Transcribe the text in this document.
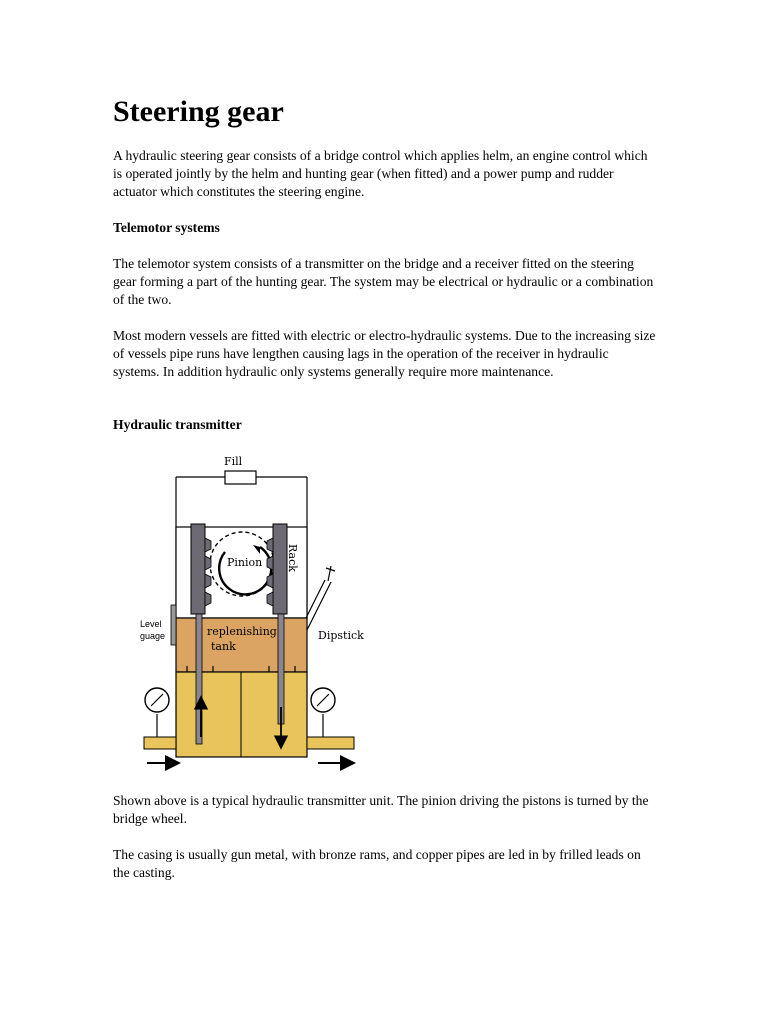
Steering gear

A hydraulic steering gear consists of a bridge control which applies helm, an engine control which is operated jointly by the helm and hunting gear (when fitted) and a power pump and rudder actuator which constitutes the steering engine.

Telemotor systems

The telemotor system consists of a transmitter on the bridge and a receiver fitted on the steering gear forming a part of the hunting gear. The system may be electrical or hydraulic or a combination of the two.

Most modern vessels are fitted with electric or electro-hydraulic systems. Due to the increasing size of vessels pipe runs have lengthen causing lags in the operation of the receiver in hydraulic systems. In addition hydraulic only systems generally require more maintenance.

Hydraulic transmitter
Fill
Pinion Rack
Dipstick
replenishing
tank
Level
guage

Shown above is a typical hydraulic transmitter unit. The pinion driving the pistons is turned by the bridge wheel.

The casing is usually gun metal, with bronze rams, and copper pipes are led in by frilled leads on the casting.
